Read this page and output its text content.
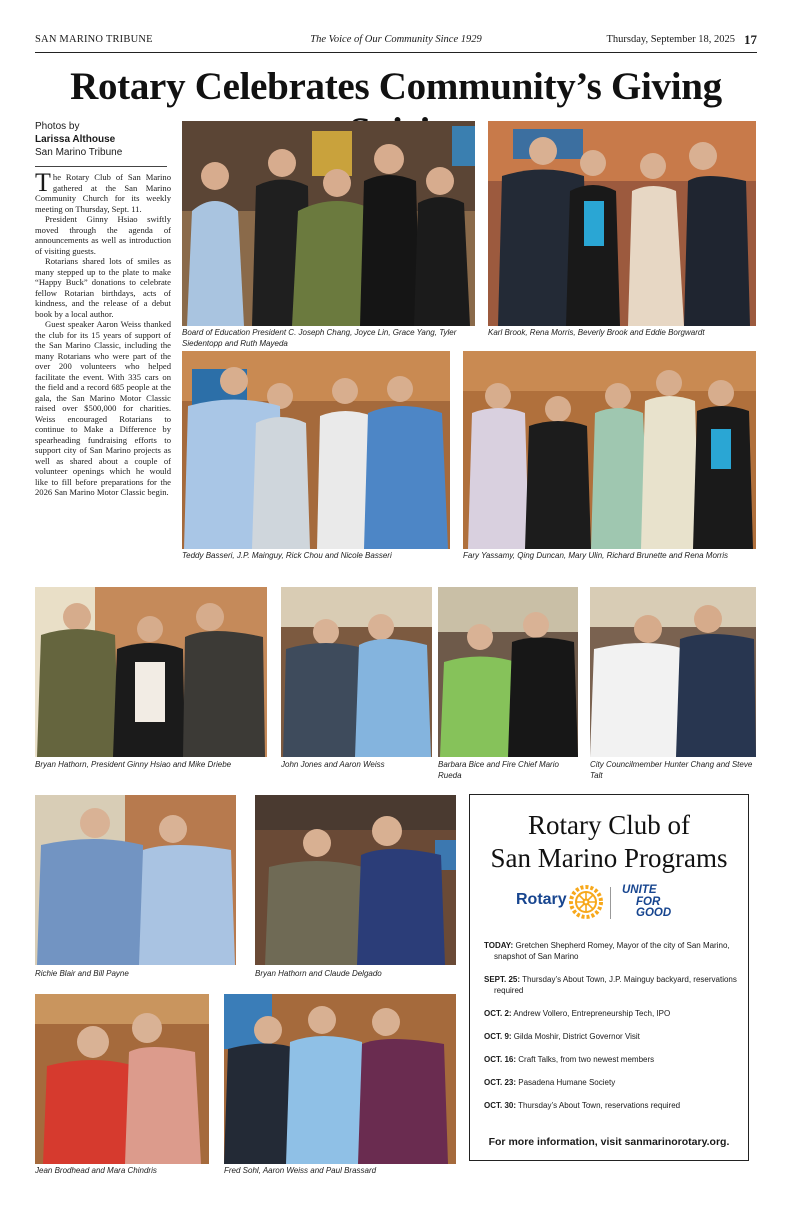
SAN MARINO TRIBUNE	The Voice of Our Community Since 1929	Thursday, September 18, 2025 17
Rotary Celebrates Community’s Giving
Photos by
Larissa Althouse
San Marino Tribune

The Rotary Club of San Marino gathered at the San Marino Community Church for its weekly meeting on Thursday, Sept. 11.

President Ginny Hsiao swiftly moved through the agenda of announcements as well as introduction of visiting guests.

Rotarians shared lots of smiles as many stepped up to the plate to make “Happy Buck” donations to celebrate fellow Rotarian birthdays, acts of kindness, and the release of a debut book by a local author.

Guest speaker Aaron Weiss thanked the club for its 15 years of support of the San Marino Classic, including the many Rotarians who were part of the over 200 volunteers who helped facilitate the event. With 335 cars on the field and a record 685 people at the gala, the San Marino Motor Classic raised over $500,000 for charities. Weiss encouraged Rotarians to continue to Make a Difference by spearheading fundraising efforts to support city of San Marino projects as well as shared about a couple of volunteer openings which he would like to fill before preparations for the 2026 San Marino Motor Classic begin.

Board of Education President C. Joseph Chang, Joyce Lin, Grace Yang, Tyler Siedentopp and Ruth Mayeda
Karl Brook, Rena Morris, Beverly Brook and Eddie Borgwardt
Teddy Basseri, J.P. Mainguy, Rick Chou and Nicole Basseri	Fary Yassamy, Qing Duncan, Mary Ulin, Richard Brunette and Rena Morris
Bryan Hathorn, President Ginny Hsiao and Mike Driebe	John Jones and Aaron Weiss	Barbara Bice and Fire Chief Mario Rueda
City Councilmember Hunter Chang and Steve Talt
Richie Blair and Bill Payne	Bryan Hathorn and Claude Delgado
Jean Brodhead and Mara Chindris	Fred Sohl, Aaron Weiss and Paul Brassard
Rotary Club of
San Marino Programs
Rotary
UNITE
FOR
GOOD
TODAY: Gretchen Shepherd Romey, Mayor of the city of San Marino, snapshot of San Marino
SEPT. 25: Thursday’s About Town, J.P. Mainguy backyard, reservations required
OCT. 2: Andrew Vollero, Entrepreneurship Tech, IPO
OCT. 9: Gilda Moshir, District Governor Visit
OCT. 16: Craft Talks, from two newest members
OCT. 23: Pasadena Humane Society
OCT. 30: Thursday’s About Town, reservations required
For more information, visit sanmarinorotary.org.
